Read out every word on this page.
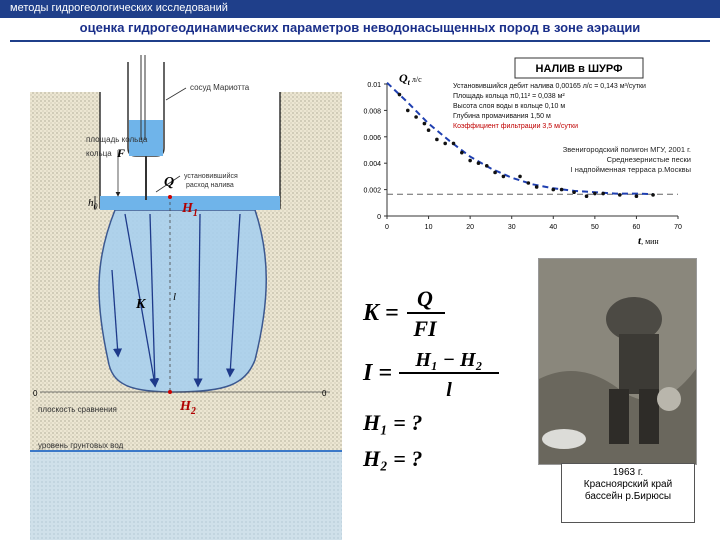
методы гидрогеологических исследований
оценка гидрогеодинамических параметров неводонасыщенных пород в зоне аэрации
сосуд Мариотта
площадь кольца
кольца F
Q установившийся
расход налива
$h_0$	$H_1$
$H_2$
K	l
0	0
плоскость сравнения
уровень грунтовых вод
НАЛИВ в ШУРФ
0	10	20	30	40	50	60	70
0
0.002
0.004
0.006
0.008
0.01
$Q_t$ $^{л/с}$
t, мин
Установившийся дебит налива 0,00165 л/с = 0,143 м³/сутки
Площадь кольца π0,11² = 0,038 м²
Высота слоя воды в кольце 0,10 м
Глубина промачивания 1,50 м
Коэффициент фильтрации 3,5 м/сутки
Звенигородский полигон МГУ, 2001 г.
Среднезернистые пески
I надпойменная терраса р.Москвы
K =
Q
FI
I = H₁ − H₂
l
H₁ = ?
H₂ = ?
1963 г.
Красноярский край
бассейн р.Бирюсы
